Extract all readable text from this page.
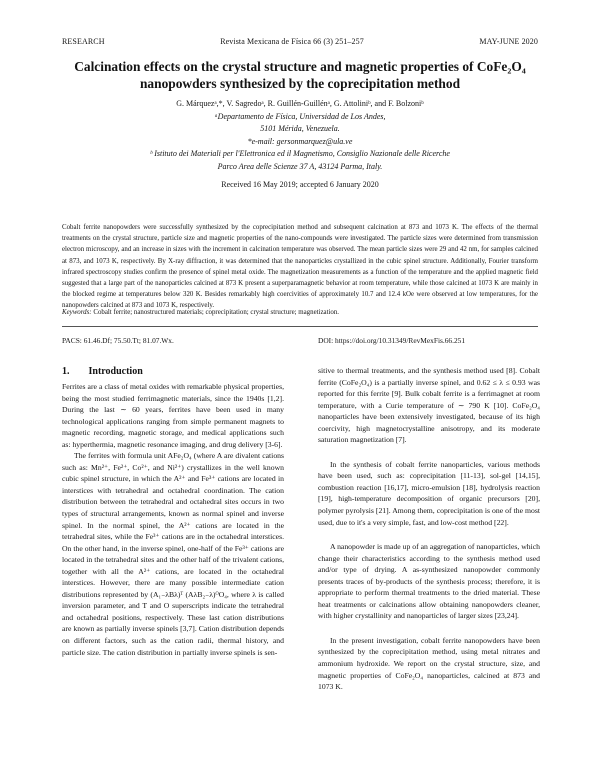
RESEARCH	Revista Mexicana de Física 66 (3) 251–257	MAY-JUNE 2020
Calcination effects on the crystal structure and magnetic properties of CoFe₂O₄
nanopowders synthesized by the coprecipitation method
G. Márquezᵃ,*, V. Sagredoᵃ, R. Guillén-Guillénᵃ, G. Attoliniᵇ, and F. Bolzoniᵇ
ᵃDepartamento de Física, Universidad de Los Andes,
5101 Mérida, Venezuela.
*e-mail: gersonmarquez@ula.ve
ᵇ Istituto dei Materiali per l'Elettronica ed il Magnetismo, Consiglio Nazionale delle Ricerche
Parco Area delle Scienze 37 A, 43124 Parma, Italy.
Received 16 May 2019; accepted 6 January 2020

Cobalt ferrite nanopowders were successfully synthesized by the coprecipitation method and subsequent calcination at 873 and 1073 K. The effects of the thermal treatments on the crystal structure, particle size and magnetic properties of the nano-compounds were investigated. The particle sizes were determined from transmission electron microscopy, and an increase in sizes with the increment in calcination temperature was observed. The mean particle sizes were 29 and 42 nm, for samples calcined at 873, and 1073 K, respectively. By X-ray diffraction, it was determined that the nanoparticles crystallized in the cubic spinel structure. Additionally, Fourier transform infrared spectroscopy studies confirm the presence of spinel metal oxide. The magnetization measurements as a function of the temperature and the applied magnetic field suggested that a large part of the nanoparticles calcined at 873 K present a superparamagnetic behavior at room temperature, while those calcined at 1073 K are mainly in the blocked regime at temperatures below 320 K. Besides remarkably high coercivities of approximately 10.7 and 12.4 kOe were observed at low temperatures, for the nanopowders calcined at 873 and 1073 K, respectively.

Keywords: Cobalt ferrite; nanostructured materials; coprecipitation; crystal structure; magnetization.
PACS: 61.46.Df; 75.50.Tt; 81.07.Wx.	DOI: https://doi.org/10.31349/RevMexFis.66.251
1. Introduction

Ferrites are a class of metal oxides with remarkable physical properties, being the most studied ferrimagnetic materials, since the 1940s [1,2]. During the last ∼ 60 years, ferrites have been used in many technological applications ranging from simple permanent magnets to magnetic recording, magnetic storage, and medical applications such as: hyperthermia, magnetic resonance imaging, and drug delivery [3-6].

The ferrites with formula unit AFe₂O₄ (where A are divalent cations such as: Mn²⁺, Fe²⁺, Co²⁺, and Ni²⁺) crystallizes in the well known cubic spinel structure, in which the A²⁺ and Fe³⁺ cations are located in interstices with tetrahedral and octahedral coordination. The cation distribution between the tetrahedral and octahedral sites occurs in two types of structural arrangements, known as normal spinel and inverse spinel. In the normal spinel, the A²⁺ cations are located in the tetrahedral sites, while the Fe³⁺ cations are in the octahedral interstices. On the other hand, in the inverse spinel, one-half of the Fe³⁺ cations are located in the tetrahedral sites and the other half of the trivalent cations, together with all the A²⁺ cations, are located in the octahedral interstices. However, there are many possible intermediate cation distributions represented by (A₁₋λBλ)ᵀ (AλB₂₋λ)ᴼO₄, where λ is called inversion parameter, and T and O superscripts indicate the tetrahedral and octahedral positions, respectively. These last cation distributions are known as partially inverse spinels [3,7]. Cation distribution depends on different factors, such as the cation radii, thermal history, and particle size. The cation distribution in partially inverse spinels is sen-

sitive to thermal treatments, and the synthesis method used [8]. Cobalt ferrite (CoFe₂O₄) is a partially inverse spinel, and 0.62 ≤ λ ≤ 0.93 was reported for this ferrite [9]. Bulk cobalt ferrite is a ferrimagnet at room temperature, with a Curie temperature of ∼ 790 K [10]. CoFe₂O₄ nanoparticles have been extensively investigated, because of its high coercivity, high magnetocrystalline anisotropy, and its moderate saturation magnetization [7].

In the synthesis of cobalt ferrite nanoparticles, various methods have been used, such as: coprecipitation [11-13], sol-gel [14,15], combustion reaction [16,17], micro-emulsion [18], hydrolysis reaction [19], high-temperature decomposition of organic precursors [20], polymer pyrolysis [21]. Among them, coprecipitation is one of the most used, due to it's a very simple, fast, and low-cost method [22].

A nanopowder is made up of an aggregation of nanoparticles, which change their characteristics according to the synthesis method used and/or type of drying. A as-synthesized nanopowder commonly presents traces of by-products of the synthesis process; therefore, it is appropriate to perform thermal treatments to the dried material. These heat treatments or calcinations allow obtaining nanopowders cleaner, with higher crystallinity and nanoparticles of larger sizes [23,24].

In the present investigation, cobalt ferrite nanopowders have been synthesized by the coprecipitation method, using metal nitrates and ammonium hydroxide. We report on the crystal structure, size, and magnetic properties of CoFe₂O₄ nanoparticles, calcined at 873 and 1073 K.
